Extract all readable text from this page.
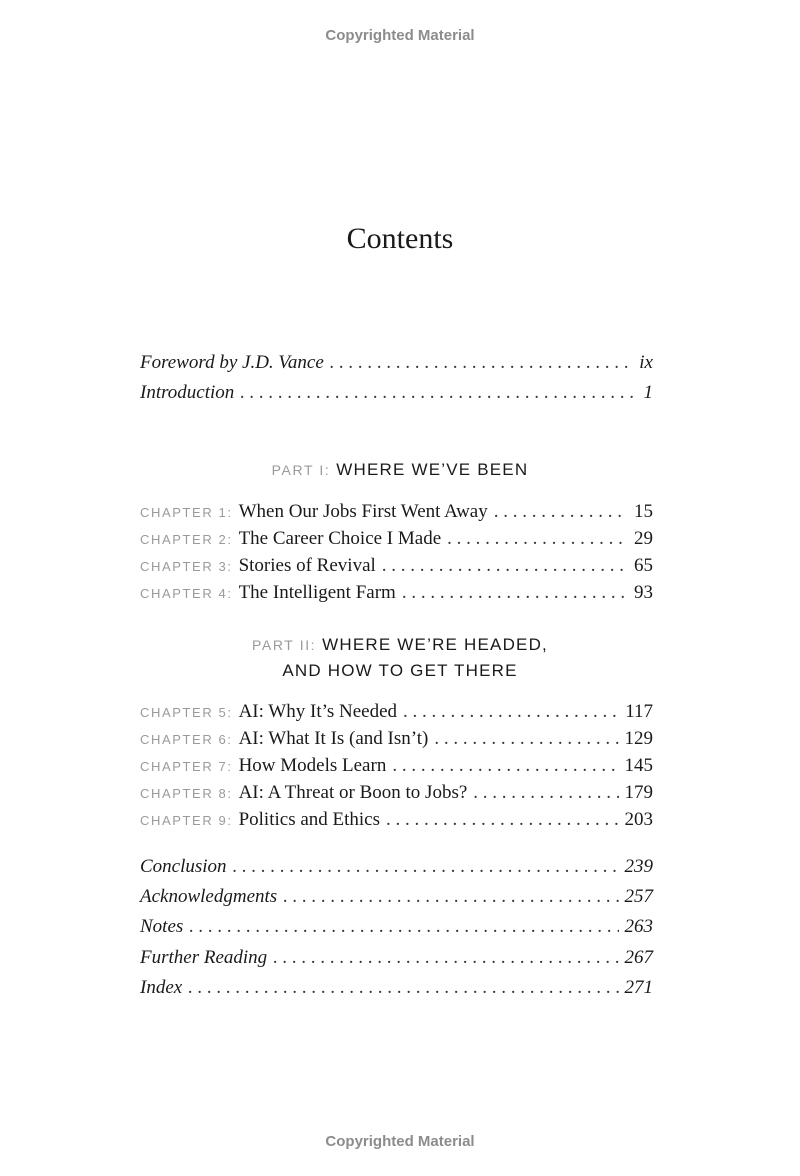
Copyrighted Material
Contents
Foreword by J.D. Vance . . .	ix
Introduction . . .	1
PART I: WHERE WE’VE BEEN
CHAPTER 1: When Our Jobs First Went Away . . .	15
CHAPTER 2: The Career Choice I Made . . .	29
CHAPTER 3: Stories of Revival . . .	65
CHAPTER 4: The Intelligent Farm . . .	93
PART II: WHERE WE’RE HEADED,
AND HOW TO GET THERE
CHAPTER 5: AI: Why It’s Needed . . .	117
CHAPTER 6: AI: What It Is (and Isn’t) . . .	129
CHAPTER 7: How Models Learn . . .	145
CHAPTER 8: AI: A Threat or Boon to Jobs? . . .	179
CHAPTER 9: Politics and Ethics . . .	203
Conclusion . . .	239
Acknowledgments . . .	257
Notes . . .	263
Further Reading . . .	267
Index . . .	271
Copyrighted Material
